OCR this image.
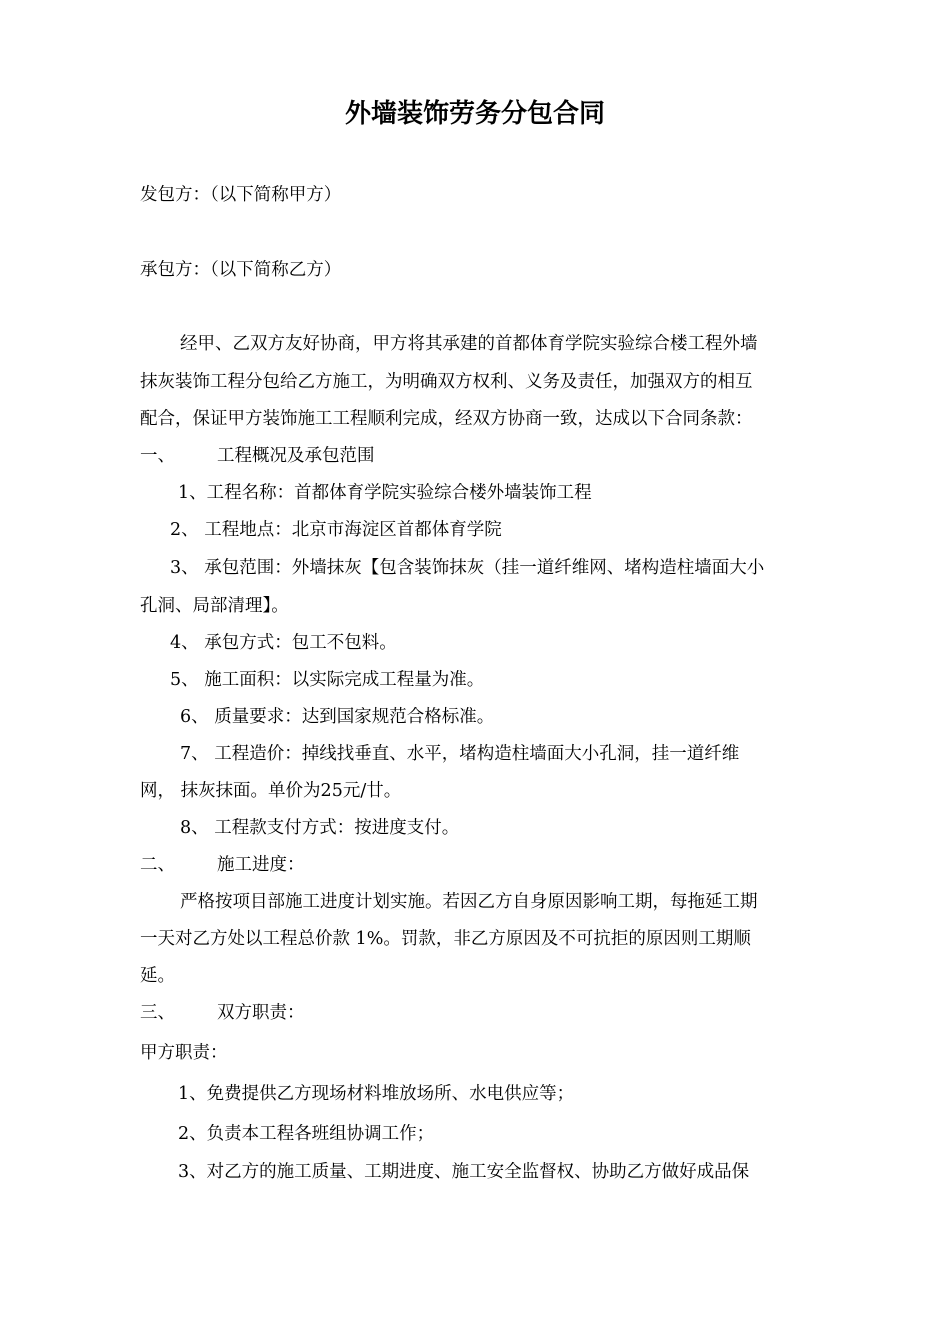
外墙装饰劳务分包合同
发包方：（以下简称甲方）
承包方：（以下简称乙方）
经甲、乙双方友好协商，甲方将其承建的首都体育学院实验综合楼工程外墙
抹灰装饰工程分包给乙方施工，为明确双方权利、义务及责任，加强双方的相互
配合，保证甲方装饰施工工程顺利完成，经双方协商一致，达成以下合同条款：
一、 工程概况及承包范围
1、工程名称：首都体育学院实验综合楼外墙装饰工程
2、 工程地点：北京市海淀区首都体育学院
3、 承包范围：外墙抹灰【包含装饰抹灰（挂一道纤维网、堵构造柱墙面大小
孔洞、局部清理】。
4、 承包方式：包工不包料。
5、 施工面积：以实际完成工程量为准。
6、 质量要求：达到国家规范合格标准。
7、 工程造价：掉线找垂直、水平，堵构造柱墙面大小孔洞，挂一道纤维
网， 抹灰抹面。单价为25元/廿。
8、 工程款支付方式：按进度支付。
二、 施工进度：
严格按项目部施工进度计划实施。若因乙方自身原因影响工期，每拖延工期
一天对乙方处以工程总价款 1%。罚款，非乙方原因及不可抗拒的原因则工期顺
延。
三、 双方职责：
甲方职责：
1、免费提供乙方现场材料堆放场所、水电供应等；
2、负责本工程各班组协调工作；
3、对乙方的施工质量、工期进度、施工安全监督权、协助乙方做好成品保
